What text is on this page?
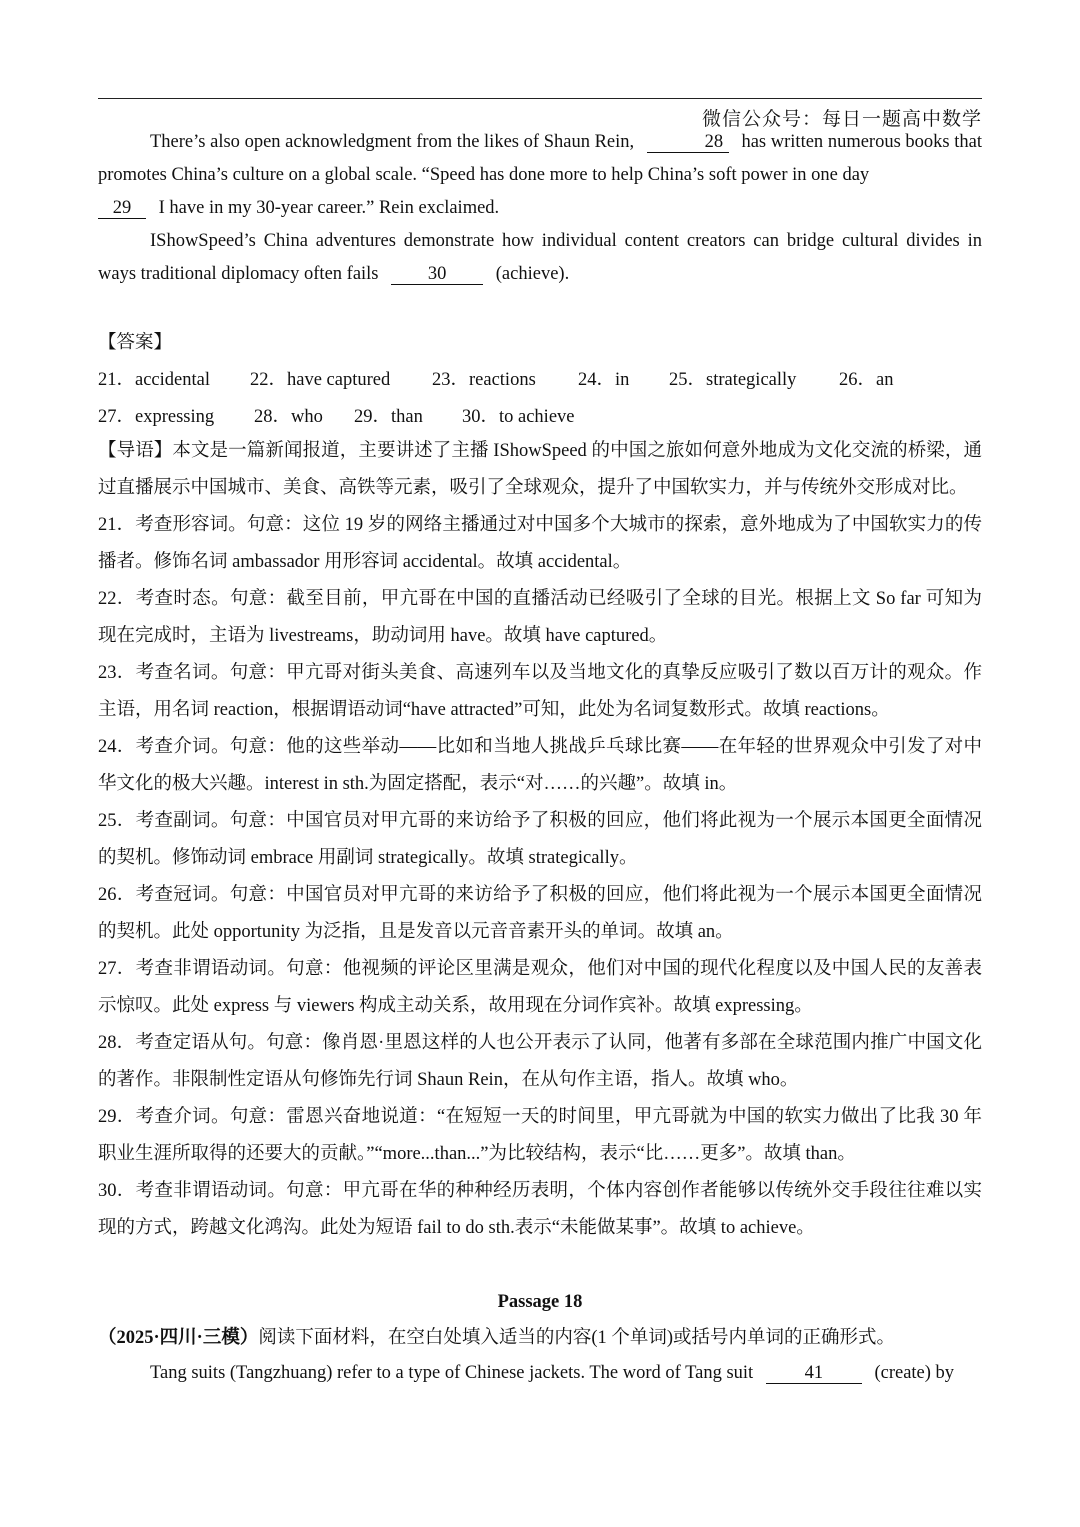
微信公众号：每日一题高中数学
There’s also open acknowledgment from the likes of Shaun Rein,	28 has written numerous books that promotes China’s culture on a global scale. “Speed has done more to help China’s soft power in one day
29 I have in my 30-year career.” Rein exclaimed.
IShowSpeed’s China adventures demonstrate how individual content creators can bridge cultural divides in ways traditional diplomacy often fails	30	(achieve).
【答案】
21．accidental	22．have captured	23．reactions	24．in	25．strategically	26．an
27．expressing	28．who	29．than	30．to achieve
【导语】本文是一篇新闻报道，主要讲述了主播 IShowSpeed 的中国之旅如何意外地成为文化交流的桥梁，通过直播展示中国城市、美食、高铁等元素，吸引了全球观众，提升了中国软实力，并与传统外交形成对比。
21．考查形容词。句意：这位 19 岁的网络主播通过对中国多个大城市的探索，意外地成为了中国软实力的传播者。修饰名词 ambassador 用形容词 accidental。故填 accidental。
22．考查时态。句意：截至目前，甲亢哥在中国的直播活动已经吸引了全球的目光。根据上文 So far 可知为现在完成时，主语为 livestreams，助动词用 have。故填 have captured。
23．考查名词。句意：甲亢哥对街头美食、高速列车以及当地文化的真挚反应吸引了数以百万计的观众。作主语，用名词 reaction，根据谓语动词“have attracted”可知，此处为名词复数形式。故填 reactions。
24．考查介词。句意：他的这些举动——比如和当地人挑战乒乓球比赛——在年轻的世界观众中引发了对中华文化的极大兴趣。interest in sth.为固定搭配，表示“对……的兴趣”。故填 in。
25．考查副词。句意：中国官员对甲亢哥的来访给予了积极的回应，他们将此视为一个展示本国更全面情况的契机。修饰动词 embrace 用副词 strategically。故填 strategically。
26．考查冠词。句意：中国官员对甲亢哥的来访给予了积极的回应，他们将此视为一个展示本国更全面情况的契机。此处 opportunity 为泛指，且是发音以元音音素开头的单词。故填 an。
27．考查非谓语动词。句意：他视频的评论区里满是观众，他们对中国的现代化程度以及中国人民的友善表示惊叹。此处 express 与 viewers 构成主动关系，故用现在分词作宾补。故填 expressing。
28．考查定语从句。句意：像肖恩·里恩这样的人也公开表示了认同，他著有多部在全球范围内推广中国文化的著作。非限制性定语从句修饰先行词 Shaun Rein，在从句作主语，指人。故填 who。
29．考查介词。句意：雷恩兴奋地说道：“在短短一天的时间里，甲亢哥就为中国的软实力做出了比我 30 年职业生涯所取得的还要大的贡献。”“more...than...”为比较结构，表示“比……更多”。故填 than。
30．考查非谓语动词。句意：甲亢哥在华的种种经历表明，个体内容创作者能够以传统外交手段往往难以实现的方式，跨越文化鸿沟。此处为短语 fail to do sth.表示“未能做某事”。故填 to achieve。
Passage 18
（2025·四川·三模）阅读下面材料，在空白处填入适当的内容(1 个单词)或括号内单词的正确形式。
Tang suits (Tangzhuang) refer to a type of Chinese jackets. The word of Tang suit	41	(create) by
